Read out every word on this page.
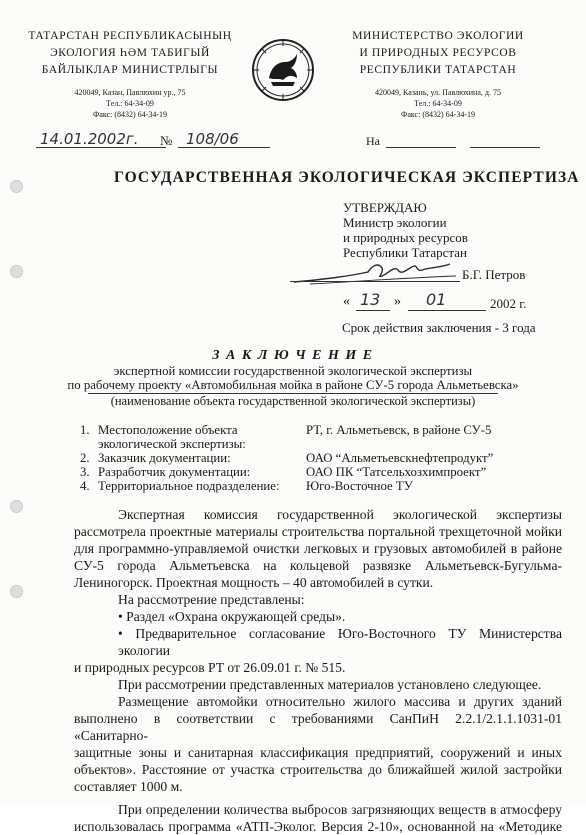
ТАТАРСТАН РЕСПУБЛИКАСЫНЫҢ
ЭКОЛОГИЯ ҺӘМ ТАБИГЫЙ
БАЙЛЫКЛАР МИНИСТРЛЫГЫ
420049, Казан, Павлюхин ур., 75
Тел.: 64-34-09
Факс: (8432) 64-34-19
МИНИСТЕРСТВО ЭКОЛОГИИ
И ПРИРОДНЫХ РЕСУРСОВ
РЕСПУБЛИКИ ТАТАРСТАН
420049, Казань, ул. Павлюхина, д. 75
Тел.: 64-34-09
Факс: (8432) 64-34-19
14.01.2002г. № 108/06	На
ГОСУДАРСТВЕННАЯ ЭКОЛОГИЧЕСКАЯ ЭКСПЕРТИЗА
УТВЕРЖДАЮ
Министр экологии
и природных ресурсов
Республики Татарстан
Б.Г. Петров
« 13 » 01	2002 г.
Срок действия заключения - 3 года
З А К Л Ю Ч Е Н И Е
экспертной комиссии государственной экологической экспертизы
по рабочему проекту «Автомобильная мойка в районе СУ-5 города Альметьевска»
(наименование объекта государственной экологической экспертизы)
1. Местоположение объекта
экологической экспертизы:
РТ, г. Альметьевск, в районе СУ-5
2. Заказчик документации:	ОАО “Альметьевскнефтепродукт”
3. Разработчик документации:	ОАО ПК “Татсельхозхимпроект”
4. Территориальное подразделение: Юго-Восточное ТУ
Экспертная комиссия государственной экологической экспертизы
рассмотрела проектные материалы строительства портальной трехщеточной мойки
для программно-управляемой очистки легковых и грузовых автомобилей в районе
СУ-5 города Альметьевска на кольцевой развязке Альметьевск-Бугульма-
Лениногорск. Проектная мощность – 40 автомобилей в сутки.
На рассмотрение представлены:
• Раздел «Охрана окружающей среды».
• Предварительное согласование Юго-Восточного ТУ Министерства экологии
и природных ресурсов РТ от 26.09.01 г. № 515.
При рассмотрении представленных материалов установлено следующее.
Размещение автомойки относительно жилого массива и других зданий
выполнено в соответствии с требованиями СанПиН 2.2.1/2.1.1.1031-01 «Санитарно-
защитные зоны и санитарная классификация предприятий, сооружений и иных
объектов». Расстояние от участка строительства до ближайшей жилой застройки
составляет 1000 м.
При определении количества выбросов загрязняющих веществ в атмосферу
использовалась программа «АТП-Эколог. Версия 2-10», основанной на «Методике
